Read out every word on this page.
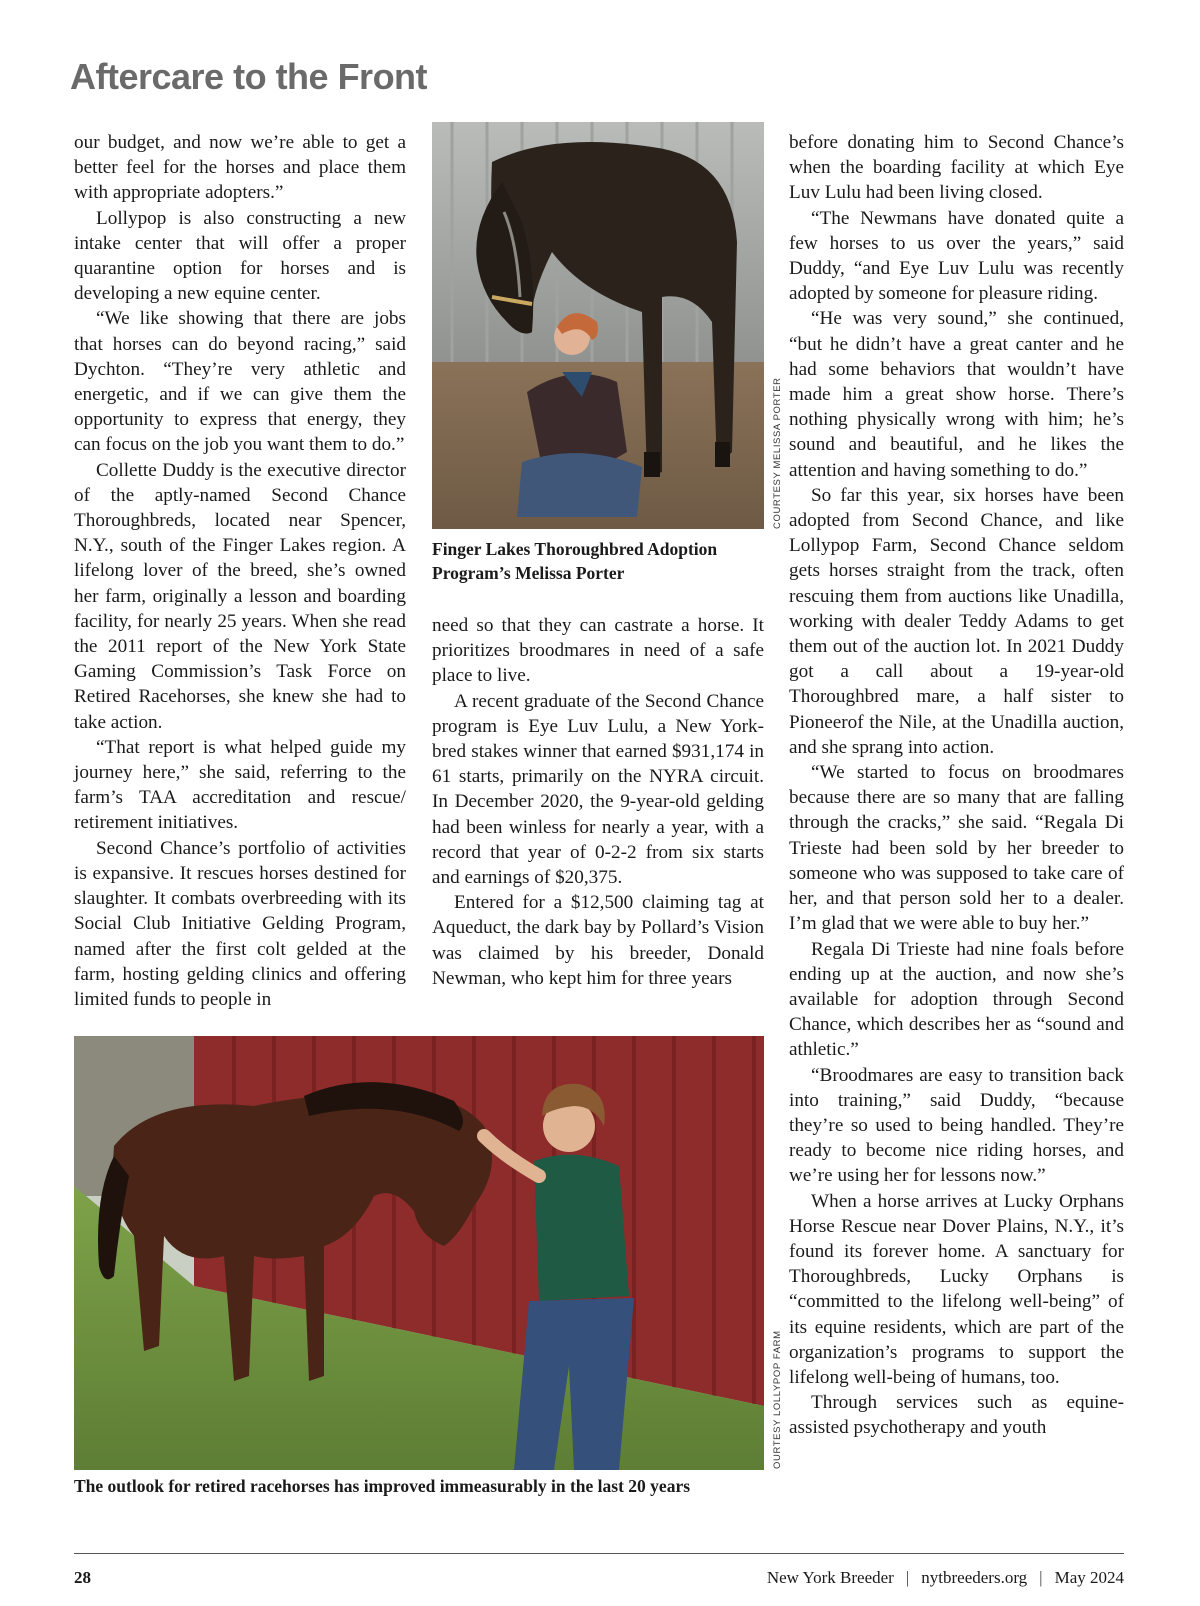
Aftercare to the Front

our budget, and now we’re able to get a better feel for the horses and place them with appropriate adopters.”

Lollypop is also constructing a new intake center that will offer a proper quarantine option for horses and is developing a new equine center.

“We like showing that there are jobs that horses can do beyond racing,” said Dychton. “They’re very athletic and energetic, and if we can give them the opportunity to express that energy, they can focus on the job you want them to do.”

Collette Duddy is the executive director of the aptly-named Second Chance Thoroughbreds, located near Spencer, N.Y., south of the Finger Lakes region. A lifelong lover of the breed, she’s owned her farm, originally a lesson and boarding facility, for nearly 25 years. When she read the 2011 report of the New York State Gaming Commission’s Task Force on Retired Racehorses, she knew she had to take action.

“That report is what helped guide my journey here,” she said, referring to the farm’s TAA accreditation and rescue/ retirement initiatives.

Second Chance’s portfolio of activities is expansive. It rescues horses destined for slaughter. It combats overbreeding with its Social Club Initiative Gelding Program, named after the first colt gelded at the farm, hosting gelding clinics and offering limited funds to people in

COURTESY MELISSA PORTER
Finger Lakes Thoroughbred Adoption Program’s Melissa Porter

need so that they can castrate a horse. It prioritizes broodmares in need of a safe place to live.

A recent graduate of the Second Chance program is Eye Luv Lulu, a New York-bred stakes winner that earned $931,174 in 61 starts, primarily on the NYRA circuit. In December 2020, the 9-year-old gelding had been winless for nearly a year, with a record that year of 0-2-2 from six starts and earnings of $20,375.

Entered for a $12,500 claiming tag at Aqueduct, the dark bay by Pollard’s Vision was claimed by his breeder, Donald Newman, who kept him for three years

before donating him to Second Chance’s when the boarding facility at which Eye Luv Lulu had been living closed.

“The Newmans have donated quite a few horses to us over the years,” said Duddy, “and Eye Luv Lulu was recently adopted by someone for pleasure riding.

“He was very sound,” she continued, “but he didn’t have a great canter and he had some behaviors that wouldn’t have made him a great show horse. There’s nothing physically wrong with him; he’s sound and beautiful, and he likes the attention and having something to do.”

So far this year, six horses have been adopted from Second Chance, and like Lollypop Farm, Second Chance seldom gets horses straight from the track, often rescuing them from auctions like Unadilla, working with dealer Teddy Adams to get them out of the auction lot. In 2021 Duddy got a call about a 19-year-old Thoroughbred mare, a half sister to Pioneerof the Nile, at the Unadilla auction, and she sprang into action.

“We started to focus on broodmares because there are so many that are falling through the cracks,” she said. “Regala Di Trieste had been sold by her breeder to someone who was supposed to take care of her, and that person sold her to a dealer. I’m glad that we were able to buy her.”

Regala Di Trieste had nine foals before ending up at the auction, and now she’s available for adoption through Second Chance, which describes her as “sound and athletic.”

“Broodmares are easy to transition back into training,” said Duddy, “because they’re so used to being handled. They’re ready to become nice riding horses, and we’re using her for lessons now.”

When a horse arrives at Lucky Orphans Horse Rescue near Dover Plains, N.Y., it’s found its forever home. A sanctuary for Thoroughbreds, Lucky Orphans is “committed to the lifelong well-being” of its equine residents, which are part of the organization’s programs to support the lifelong well-being of humans, too.

Through services such as equine-assisted psychotherapy and youth

OURTESY LOLLYPOP FARM
The outlook for retired racehorses has improved immeasurably in the last 20 years
28	New York Breeder | nytbreeders.org | May 2024
